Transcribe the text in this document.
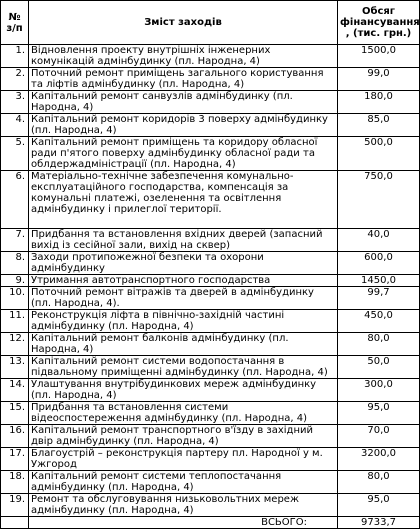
№ з/п	Зміст заходів	Обсяг фінансування , (тис. грн.)
1.	Відновлення проекту внутрішніх інженерних комунікацій адмінбудинку (пл. Народна, 4)	1500,0
2.	Поточний ремонт приміщень загального користування та ліфтів адмінбудинку (пл. Народна, 4)	99,0
3.	Капітальний ремонт санвузлів адмінбудинку (пл. Народна, 4)	180,0
4.	Капітальний ремонт коридорів 3 поверху адмінбудинку (пл. Народна, 4)	85,0
5.	Капітальний ремонт приміщень та коридору обласної ради п'ятого поверху адмінбудинку обласної ради та облдержадміністрації (пл. Народна, 4)	500,0
6.	Матеріально-технічне забезпечення комунально-експлуатаційного господарства, компенсація за комунальні платежі, озеленення та освітлення адмінбудинку і прилеглої території.	750,0
7.	Придбання та встановлення вхідних дверей (запасний вихід із сесійної зали, вихід на сквер)	40,0
8.	Заходи протипожежної безпеки та охорони адмінбудинку	600,0
9.	Утримання автотранспортного господарства	1450,0
10.	Поточний ремонт вітражів та дверей в адмінбудинку (пл. Народна, 4).	99,7
11.	Реконструкція ліфта в північно-західній частині адмінбудинку (пл. Народна, 4)	450,0
12.	Капітальний ремонт балконів адмінбудинку (пл. Народна, 4)	80,0
13.	Капітальний ремонт системи водопостачання в підвальному приміщенні адмінбудинку (пл. Народна, 4)	50,0
14.	Улаштування внутрібудинкових мереж адмінбудинку (пл. Народна, 4)	300,0
15.	Придбання та встановлення системи відеоспостереження адмінбудинку (пл. Народна, 4)	95,0
16.	Капітальний ремонт транспортного в'їзду в західний двір адмінбудинку (пл. Народна, 4)	70,0
17.	Благоустрій – реконструкція партеру пл. Народної у м. Ужгород	3200,0
18.	Капітальний ремонт системи теплопостачання адмінбудинку (пл. Народна, 4)	80,0
19.	Ремонт та обслуговування низьковольтних мереж адмінбудинку (пл. Народна, 4)	95,0
	ВСЬОГО:	9733,7
